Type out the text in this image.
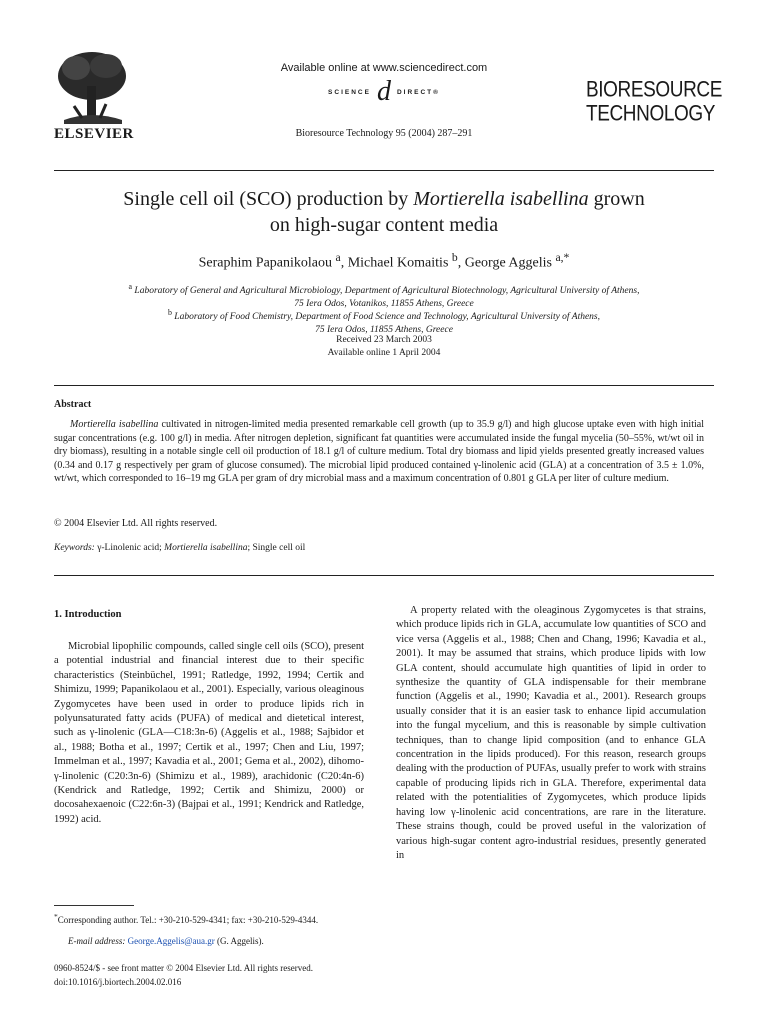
ELSEVIER
Available online at www.sciencedirect.com
SCIENCE d DIRECT®
Bioresource Technology 95 (2004) 287–291
BIORESOURCE
TECHNOLOGY
Single cell oil (SCO) production by Mortierella isabellina grown
on high-sugar content media
Seraphim Papanikolaou $^a$, Michael Komaitis $^b$, George Aggelis $^{a,*}$
$^a$ Laboratory of General and Agricultural Microbiology, Department of Agricultural Biotechnology, Agricultural University of Athens,
75 Iera Odos, Votanikos, 11855 Athens, Greece
$^b$ Laboratory of Food Chemistry, Department of Food Science and Technology, Agricultural University of Athens,
75 Iera Odos, 11855 Athens, Greece
Received 23 March 2003
Available online 1 April 2004
Abstract
Mortierella isabellina cultivated in nitrogen-limited media presented remarkable cell growth (up to 35.9 g/l) and high glucose uptake even with high initial sugar concentrations (e.g. 100 g/l) in media. After nitrogen depletion, significant fat quantities were accumulated inside the fungal mycelia (50–55%, wt/wt oil in dry biomass), resulting in a notable single cell oil production of 18.1 g/l of culture medium. Total dry biomass and lipid yields presented greatly increased values (0.34 and 0.17 g respectively per gram of glucose consumed). The microbial lipid produced contained γ-linolenic acid (GLA) at a concentration of 3.5 ± 1.0%, wt/wt, which corresponded to 16–19 mg GLA per gram of dry microbial mass and a maximum concentration of 0.801 g GLA per liter of culture medium.
© 2004 Elsevier Ltd. All rights reserved.
Keywords: γ-Linolenic acid; Mortierella isabellina; Single cell oil
1. Introduction
Microbial lipophilic compounds, called single cell oils (SCO), present a potential industrial and financial interest due to their specific characteristics (Steinbüchel, 1991; Ratledge, 1992, 1994; Certik and Shimizu, 1999; Papanikolaou et al., 2001). Especially, various oleaginous Zygomycetes have been used in order to produce lipids rich in polyunsaturated fatty acids (PUFA) of medical and dietetical interest, such as γ-linolenic (GLA—C18:3n-6) (Aggelis et al., 1988; Sajbidor et al., 1988; Botha et al., 1997; Certik et al., 1997; Chen and Liu, 1997; Immelman et al., 1997; Kavadia et al., 2001; Gema et al., 2002), dihomo-γ-linolenic (C20:3n-6) (Shimizu et al., 1989), arachidonic (C20:4n-6) (Kendrick and Ratledge, 1992; Certik and Shimizu, 2000) or docosahexaenoic (C22:6n-3) (Bajpai et al., 1991; Kendrick and Ratledge, 1992) acid.
A property related with the oleaginous Zygomycetes is that strains, which produce lipids rich in GLA, accumulate low quantities of SCO and vice versa (Aggelis et al., 1988; Chen and Chang, 1996; Kavadia et al., 2001). It may be assumed that strains, which produce lipids with low GLA content, should accumulate high quantities of lipid in order to synthesize the quantity of GLA indispensable for their membrane function (Aggelis et al., 1990; Kavadia et al., 2001). Research groups usually consider that it is an easier task to enhance lipid accumulation into the fungal mycelium, and this is reasonable by simple cultivation techniques, than to change lipid composition (and to enhance GLA concentration in the lipids produced). For this reason, research groups dealing with the production of PUFAs, usually prefer to work with strains capable of producing lipids rich in GLA. Therefore, experimental data related with the potentialities of Zygomycetes, which produce lipids having low γ-linolenic acid concentrations, are rare in the literature. These strains though, could be proved useful in the valorization of various high-sugar content agro-industrial residues, presently generated in
*Corresponding author. Tel.: +30-210-529-4341; fax: +30-210-529-4344.
E-mail address: George.Aggelis@aua.gr (G. Aggelis).
0960-8524/$ - see front matter © 2004 Elsevier Ltd. All rights reserved.
doi:10.1016/j.biortech.2004.02.016
